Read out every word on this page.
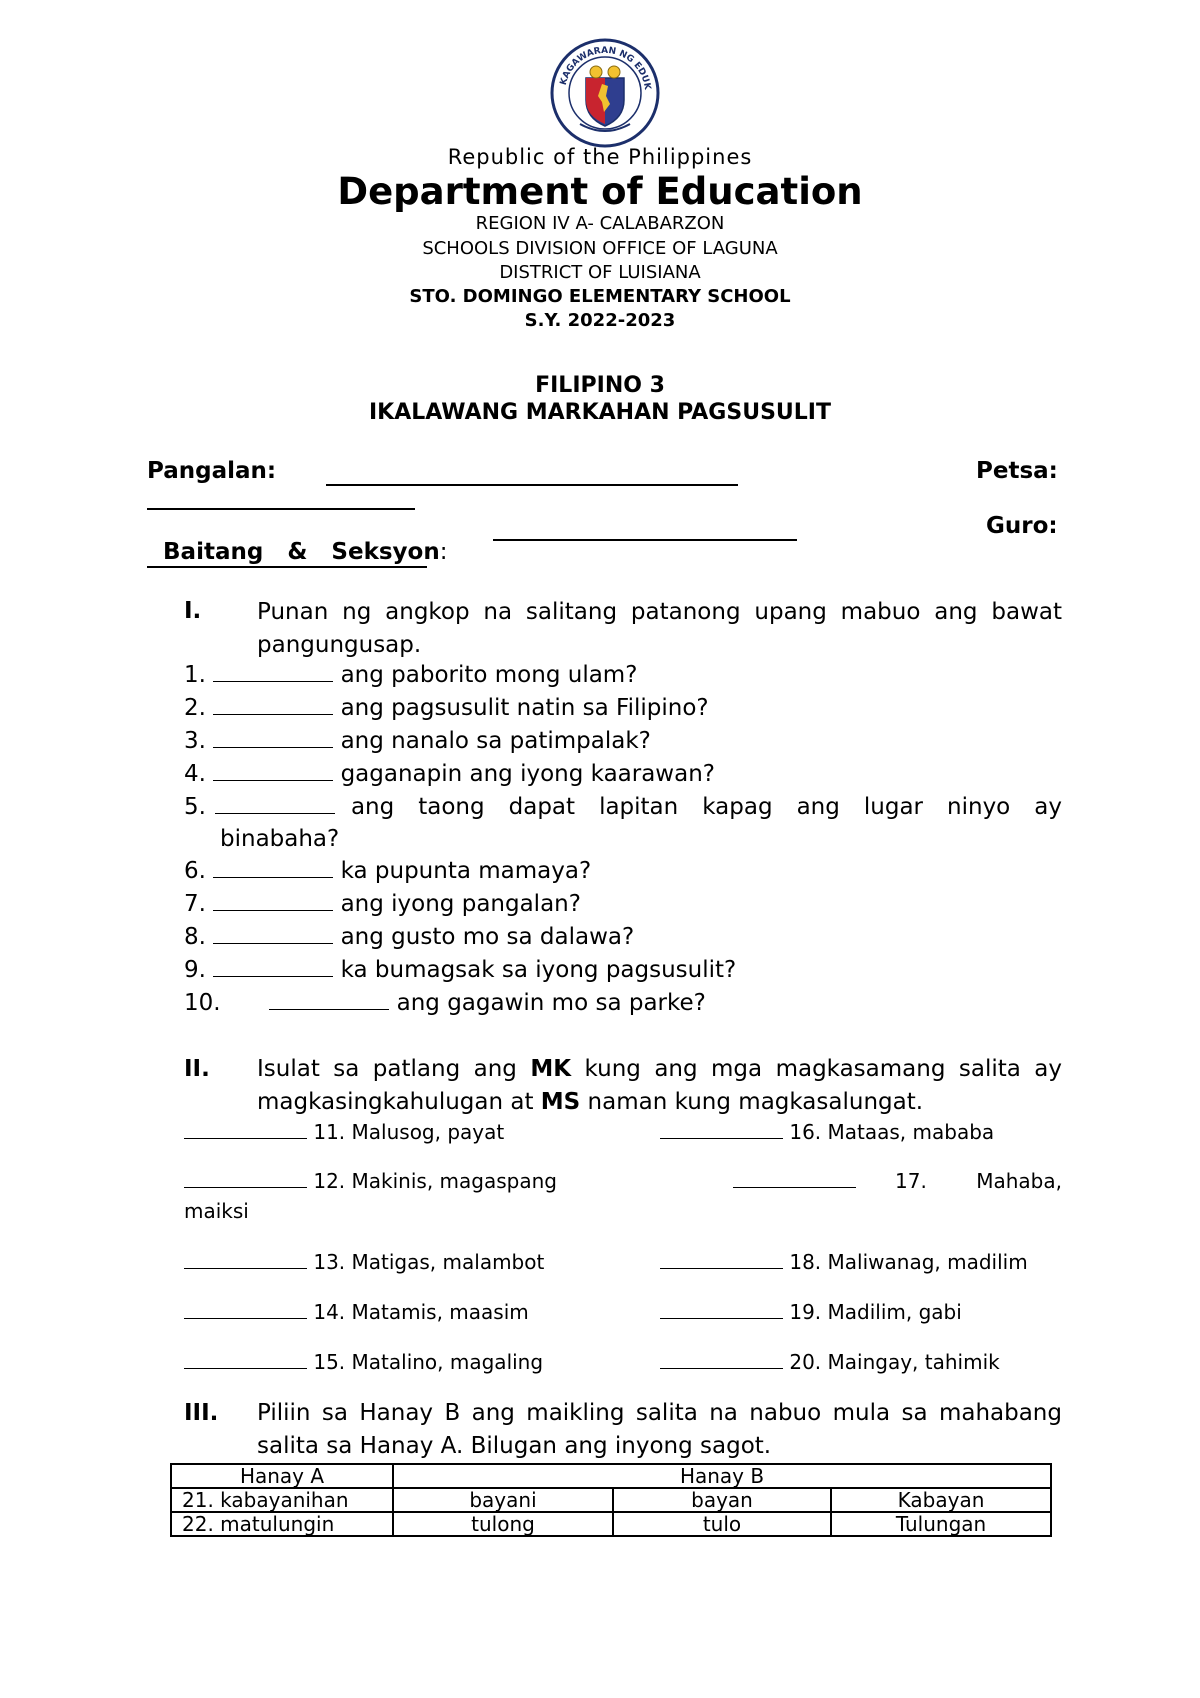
KAGAWARAN NG EDUK
Republic of the Philippines
Department of Education
REGION IV A- CALABARZON
SCHOOLS DIVISION OFFICE OF LAGUNA
DISTRICT OF LUISIANA
STO. DOMINGO ELEMENTARY SCHOOL
S.Y. 2022-2023
FILIPINO 3
IKALAWANG MARKAHAN PAGSUSULIT
Pangalan:	Petsa:

Baitang   &   Seksyon:

Guro:
I. Punan ng angkop na salitang patanong upang mabuo ang bawat
pangungusap.
1.	ang paborito mong ulam?
2.	ang pagsusulit natin sa Filipino?
3.	ang nanalo sa patimpalak?
4.	gaganapin ang iyong kaarawan?
5.	ang taong dapat lapitan kapag ang lugar ninyo ay
binabaha?
6.	ka pupunta mamaya?
7.	ang iyong pangalan?
8.	ang gusto mo sa dalawa?
9.	ka bumagsak sa iyong pagsusulit?
10.	ang gagawin mo sa parke?
II. Isulat sa patlang ang MK kung ang mga magkasamang salita ay
magkasingkahulugan at MS naman kung magkasalungat.
11. Malusog, payat	16. Mataas, mababa
12. Makinis, magaspang	17.	Mahaba,
maiksi
13. Matigas, malambot	18. Maliwanag, madilim
14. Matamis, maasim	19. Madilim, gabi
15. Matalino, magaling	20. Maingay, tahimik
III. Piliin sa Hanay B ang maikling salita na nabuo mula sa mahabang
salita sa Hanay A. Bilugan ang inyong sagot.
Hanay A	Hanay B		
21. kabayanihan	bayani	bayan	Kabayan
22. matulungin	tulong	tulo	Tulungan
